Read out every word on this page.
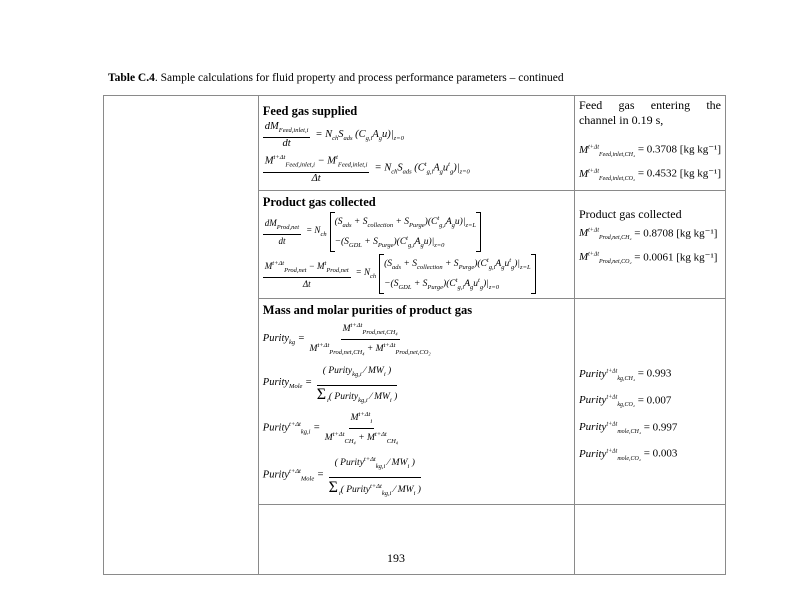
Table C.4. Sample calculations for fluid property and process performance parameters – continued

Feed gas supplied
$\frac{dM_{Feed,inlet,i}}{dt} = N_{ch}S_{ads}$ $(C_{g,i}A_gu)|_{z=0}$
$\frac{M^{t+\Delta t}_{Feed,inlet,i} - M^t_{Feed,inlet,i}}{\Delta t} = N_{ch}S_{ads}$ $(C^t_{g,i}A_gu^t_g)|_{z=0}$

Feed gas entering the channel in 0.19 s,
$M^{t+\Delta t}_{Feed,inlet,CH_4} = 0.3708$ [kg kg⁻¹]
$M^{t+\Delta t}_{Feed,inlet,CO_2} = 0.4532$ [kg kg⁻¹]

Product gas collected
$\frac{dM_{Prod,net}}{dt} = N_{ch}$
$(S_{ads} + S_{collection} + S_{Purge})(C^t_{g,i}A_gu)|_{z=L}$
$-(S_{GDL} + S_{Purge})(C^t_{g,i}A_gu)|_{z=0}$
$\frac{M^{t+\Delta t}_{Prod,net} - M^t_{Prod,net}}{\Delta t} = N_{ch}$
$(S_{ads} + S_{collection} + S_{Purge})(C^t_{g,i}A_gu^t_g)|_{z=L}$
$-(S_{GDL} + S_{Purge})(C^t_{g,i}A_gu^t_g)|_{z=0}$

Product gas collected
$M^{t+\Delta t}_{Prod,net,CH_4} = 0.8708$ [kg kg⁻¹]
$M^{t+\Delta t}_{Prod,net,CO_2} = 0.0061$ [kg kg⁻¹]

Mass and molar purities of product gas
Purity$_{kg}$ = $\frac{M^{t+\Delta t}_{Prod,net,CH_4}}{M^{t+\Delta t}_{Prod,net,CH_4} + M^{t+\Delta t}_{Prod,net,CO_2}}$
Purity$_{Mole}$ = $\frac{( Purity_{kg,i} ⁄ MW_i )}{\Sigma_i( Purity_{kg,i} ⁄ MW_i )}$
Purity$^{t+\Delta t}_{kg,i}$ = $\frac{M^{t+\Delta t}_i}{M^{t+\Delta t}_{CH_4} + M^{t+\Delta t}_{CH_4}}$
Purity$^{t+\Delta t}_{Mole}$ = $\frac{( Purity^{t+\Delta t}_{kg,i} ⁄ MW_i )}{\Sigma_i( Purity^{t+\Delta t}_{kg,i} ⁄ MW_i )}$

Purity$^{t+\Delta t}_{kg,CH_4}$ = 0.993
Purity$^{t+\Delta t}_{kg,CO_2}$ = 0.007
Purity$^{t+\Delta t}_{mole,CH_4}$ = 0.997
Purity$^{t+\Delta t}_{mole,CO_2}$ = 0.003

193
